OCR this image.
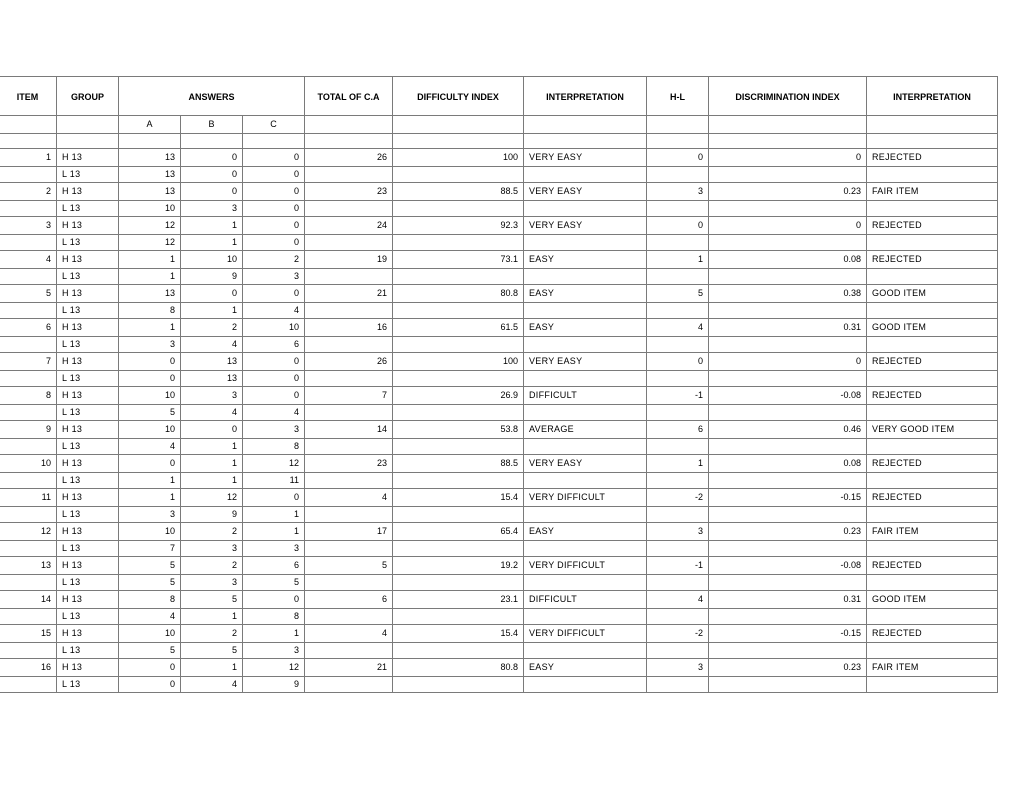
ITEM	GROUP	ANSWERS			TOTAL OF C.A	DIFFICULTY INDEX	INTERPRETATION	H-L	DISCRIMINATION INDEX	INTERPRETATION
		A	B	C						

1	H 13	13	0	0	26	100	VERY EASY	0	0	REJECTED
	L 13	13	0	0						
2	H 13	13	0	0	23	88.5	VERY EASY	3	0.23	FAIR ITEM
	L 13	10	3	0						
3	H 13	12	1	0	24	92.3	VERY EASY	0	0	REJECTED
	L 13	12	1	0						
4	H 13	1	10	2	19	73.1	EASY	1	0.08	REJECTED
	L 13	1	9	3						
5	H 13	13	0	0	21	80.8	EASY	5	0.38	GOOD ITEM
	L 13	8	1	4						
6	H 13	1	2	10	16	61.5	EASY	4	0.31	GOOD ITEM
	L 13	3	4	6						
7	H 13	0	13	0	26	100	VERY EASY	0	0	REJECTED
	L 13	0	13	0						
8	H 13	10	3	0	7	26.9	DIFFICULT	-1	-0.08	REJECTED
	L 13	5	4	4						
9	H 13	10	0	3	14	53.8	AVERAGE	6	0.46	VERY GOOD ITEM
	L 13	4	1	8						
10	H 13	0	1	12	23	88.5	VERY EASY	1	0.08	REJECTED
	L 13	1	1	11						
11	H 13	1	12	0	4	15.4	VERY DIFFICULT	-2	-0.15	REJECTED
	L 13	3	9	1						
12	H 13	10	2	1	17	65.4	EASY	3	0.23	FAIR ITEM
	L 13	7	3	3						
13	H 13	5	2	6	5	19.2	VERY DIFFICULT	-1	-0.08	REJECTED
	L 13	5	3	5						
14	H 13	8	5	0	6	23.1	DIFFICULT	4	0.31	GOOD ITEM
	L 13	4	1	8						
15	H 13	10	2	1	4	15.4	VERY DIFFICULT	-2	-0.15	REJECTED
	L 13	5	5	3						
16	H 13	0	1	12	21	80.8	EASY	3	0.23	FAIR ITEM
	L 13	0	4	9						
